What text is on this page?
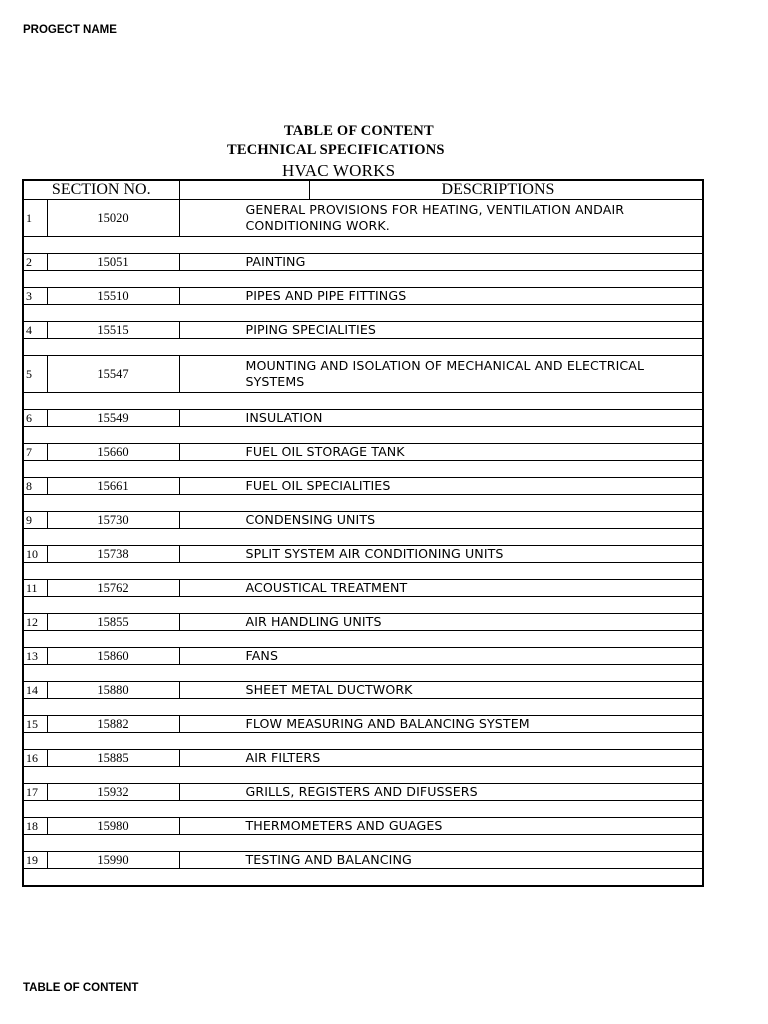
PROGECT NAME
TABLE OF CONTENT
TECHNICAL SPECIFICATIONS
HVAC WORKS
SECTION NO.			DESCRIPTIONS
1	15020	GENERAL PROVISIONS FOR HEATING, VENTILATION ANDAIR CONDITIONING WORK.	

2	15051	PAINTING	

3	15510	PIPES AND PIPE FITTINGS	

4	15515	PIPING SPECIALITIES	

5	15547	MOUNTING AND ISOLATION OF MECHANICAL AND ELECTRICAL SYSTEMS	

6	15549	INSULATION	

7	15660	FUEL OIL STORAGE TANK	

8	15661	FUEL OIL SPECIALITIES	

9	15730	CONDENSING UNITS	

10	15738	SPLIT SYSTEM AIR CONDITIONING UNITS	

11	15762	ACOUSTICAL TREATMENT	

12	15855	AIR HANDLING UNITS	

13	15860	FANS	

14	15880	SHEET METAL DUCTWORK	

15	15882	FLOW MEASURING AND BALANCING SYSTEM	

16	15885	AIR FILTERS	

17	15932	GRILLS, REGISTERS AND DIFUSSERS	

18	15980	THERMOMETERS AND GUAGES	

19	15990	TESTING AND BALANCING	

TABLE OF CONTENT
